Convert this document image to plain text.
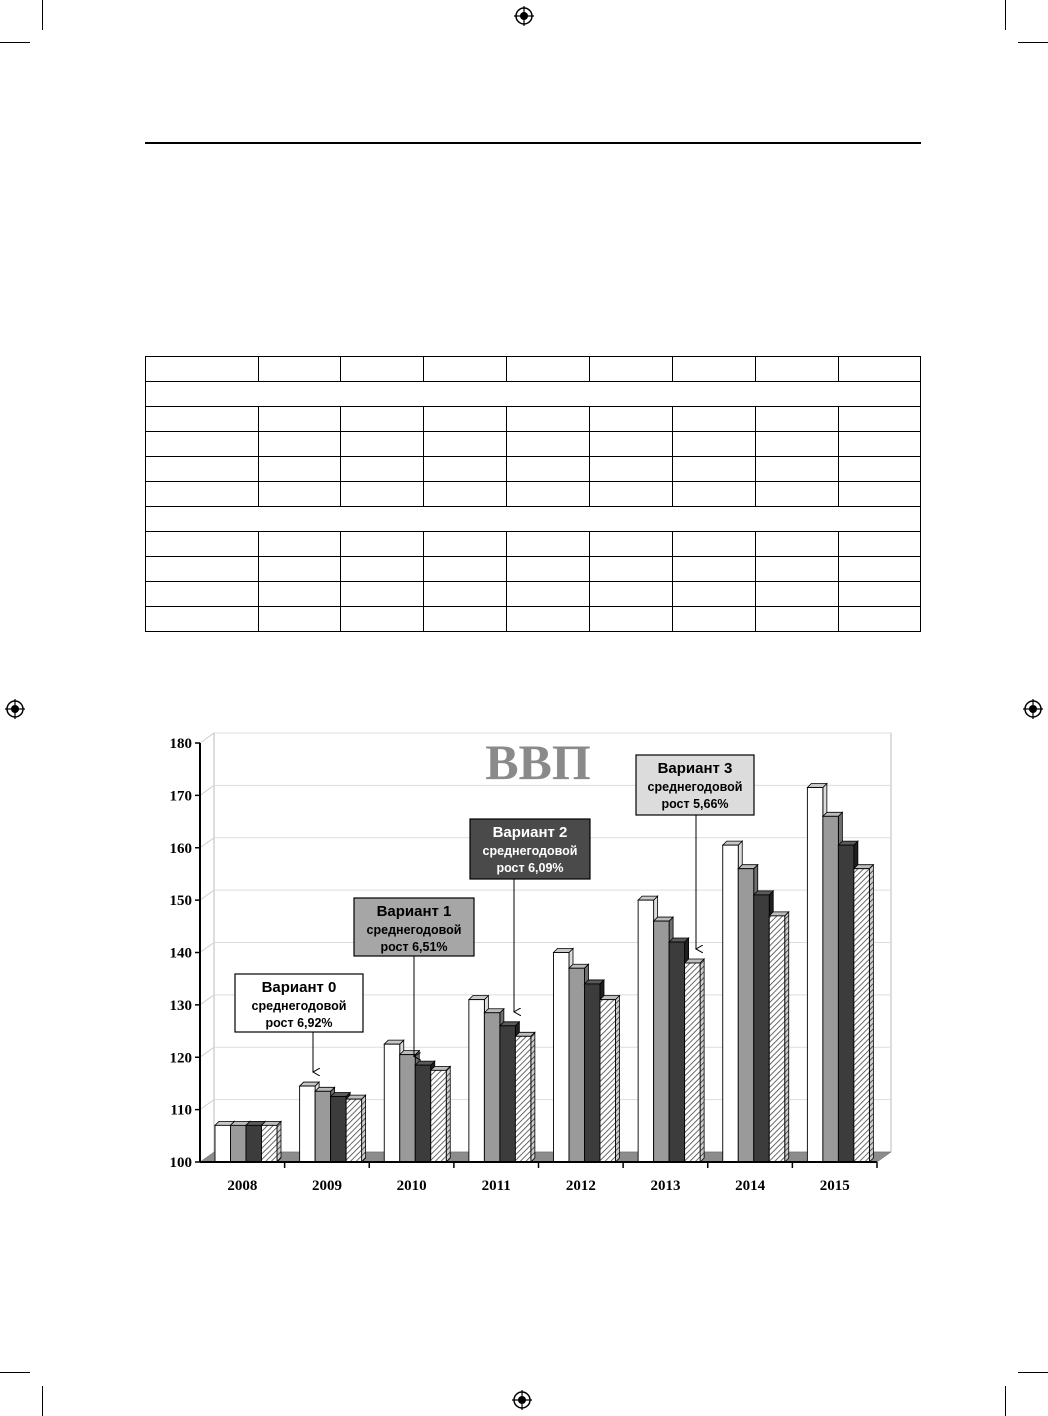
100
110
120
130
140
150
160
170
180
2008	2009	2010	2011	2012	2013	2014	2015
ВВП
Вариант 0
среднегодовой
рост 6,92%
Вариант 1
среднегодовой
рост 6,51%
Вариант 2
среднегодовой
рост 6,09%
Вариант 3
среднегодовой
рост 5,66%
